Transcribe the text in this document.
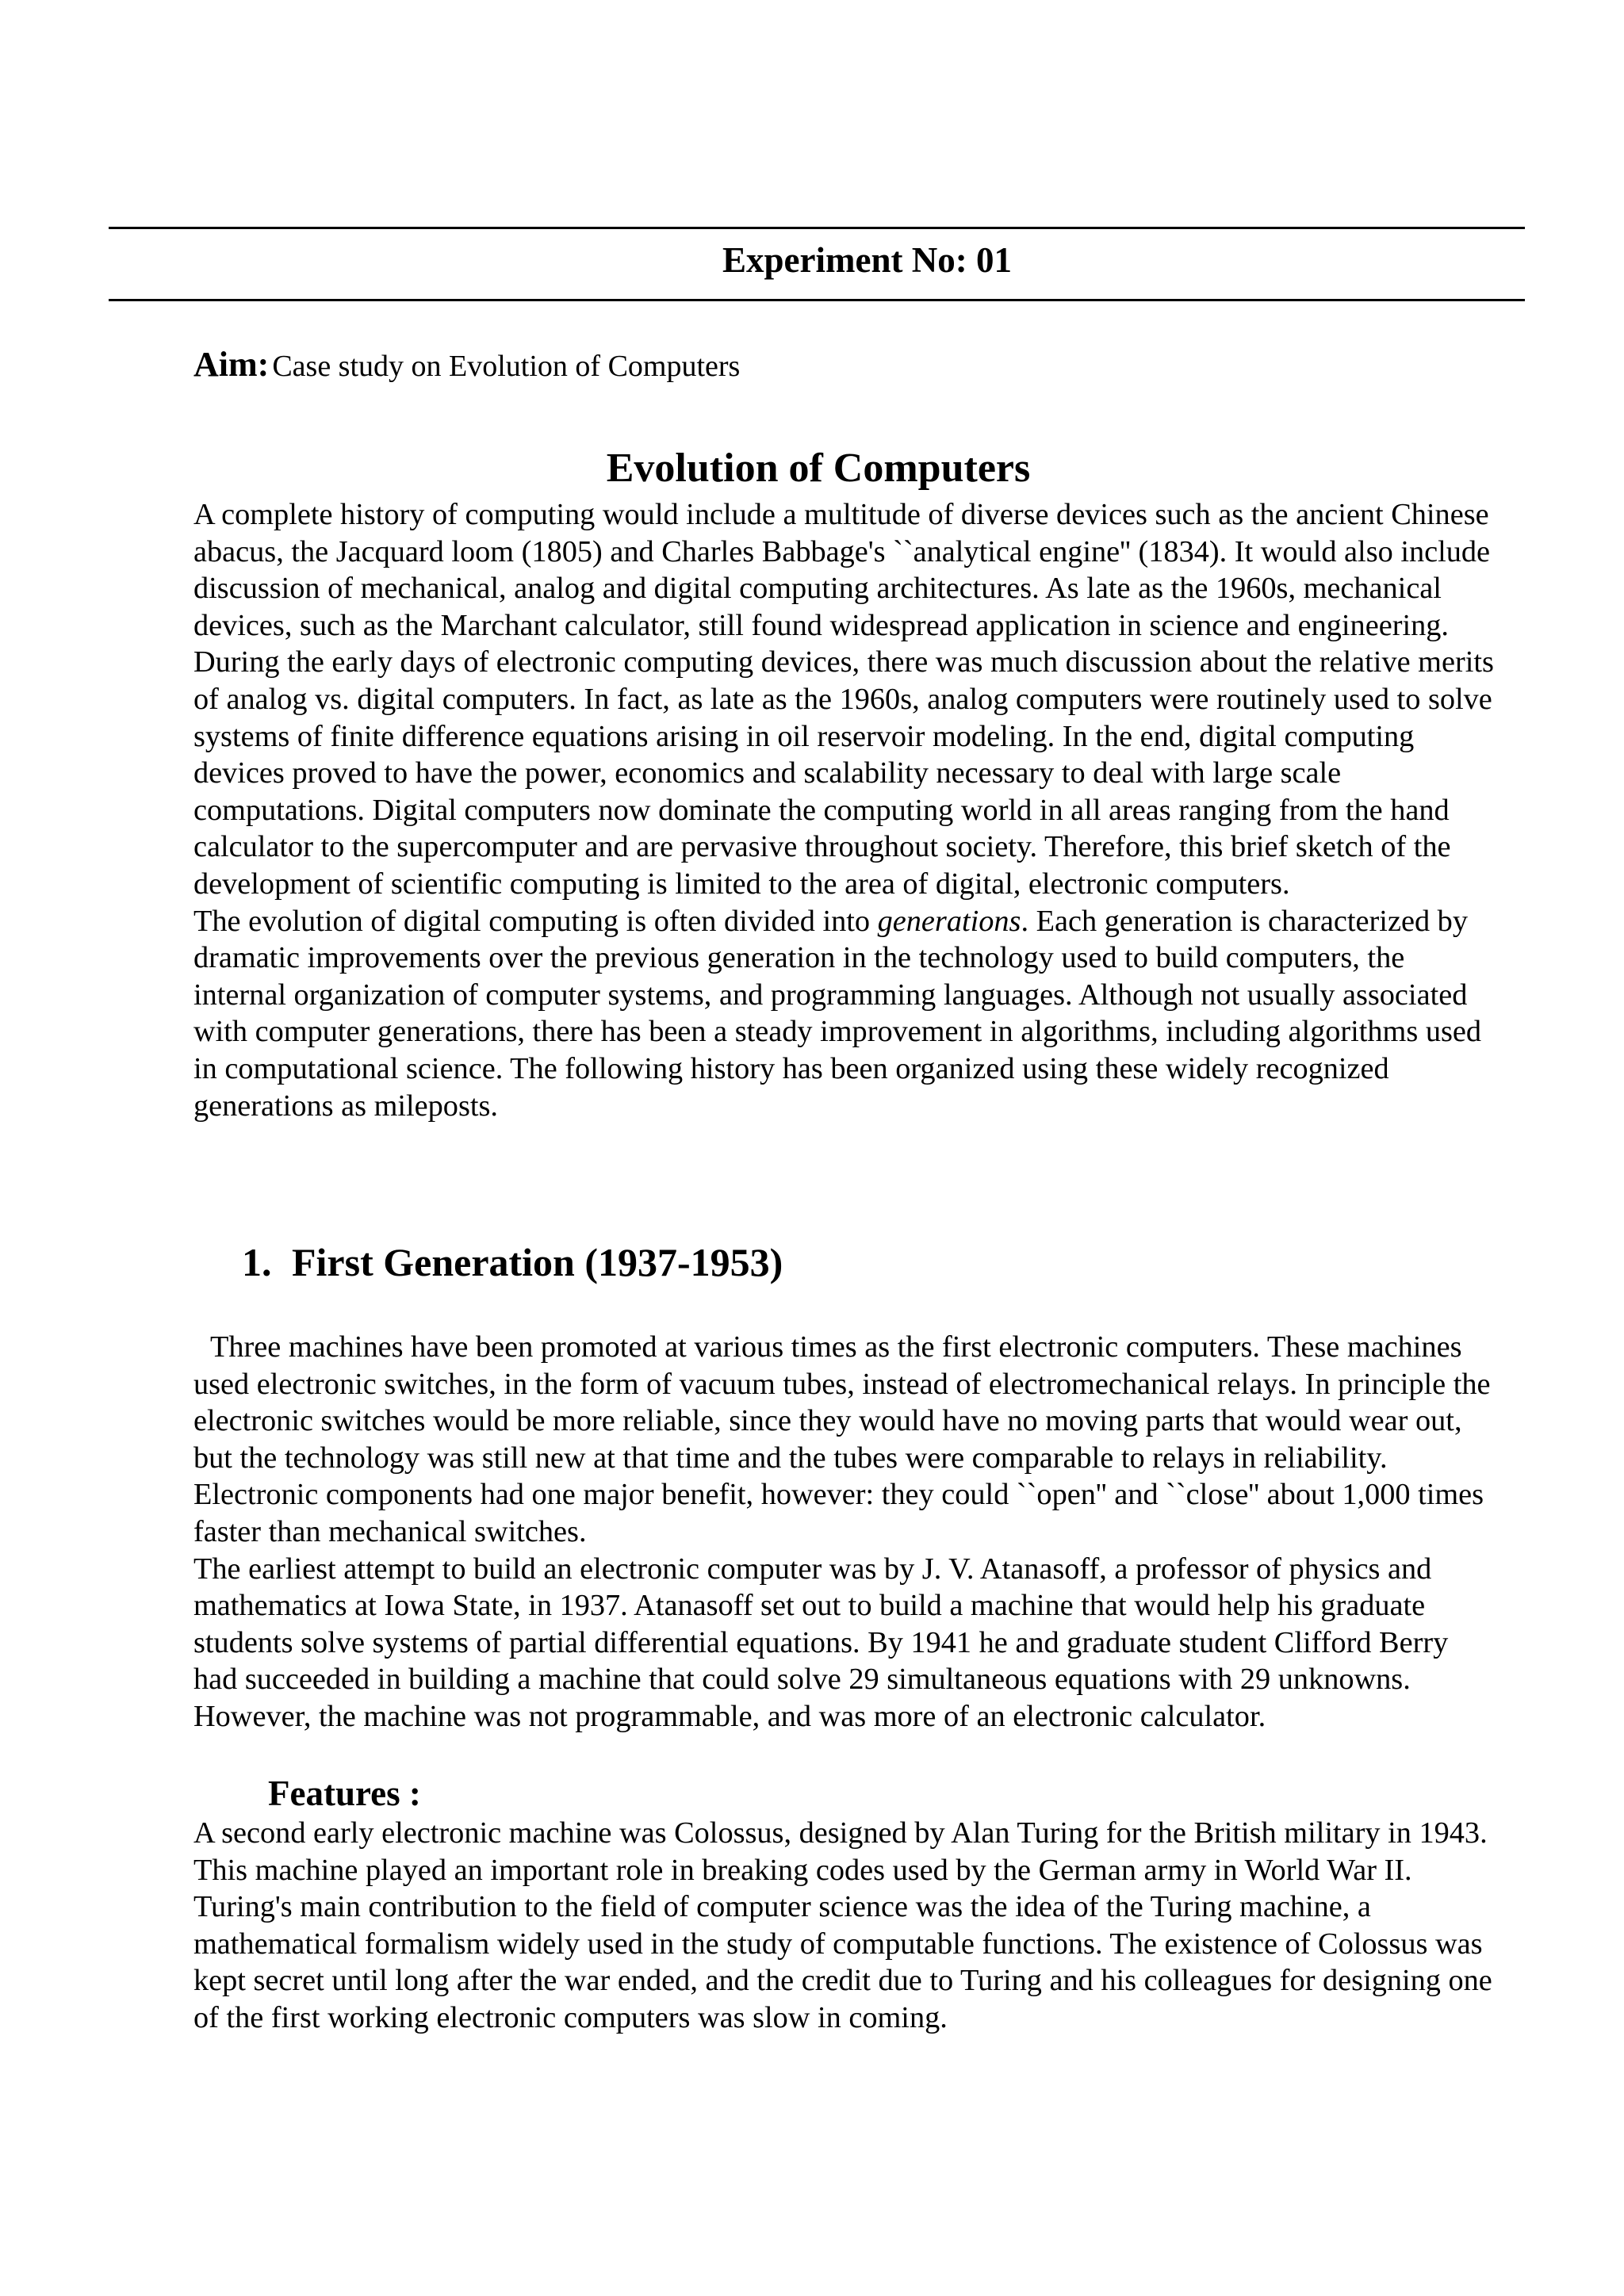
Experiment No: 01

Aim: Case study on Evolution of Computers

Evolution of Computers
A complete history of computing would include a multitude of diverse devices such as the ancient Chinese abacus, the Jacquard loom (1805) and Charles Babbage's ``analytical engine'' (1834). It would also include discussion of mechanical, analog and digital computing architectures. As late as the 1960s, mechanical devices, such as the Marchant calculator, still found widespread application in science and engineering. During the early days of electronic computing devices, there was much discussion about the relative merits of analog vs. digital computers. In fact, as late as the 1960s, analog computers were routinely used to solve systems of finite difference equations arising in oil reservoir modeling. In the end, digital computing devices proved to have the power, economics and scalability necessary to deal with large scale computations. Digital computers now dominate the computing world in all areas ranging from the hand calculator to the supercomputer and are pervasive throughout society. Therefore, this brief sketch of the development of scientific computing is limited to the area of digital, electronic computers.
The evolution of digital computing is often divided into generations. Each generation is characterized by dramatic improvements over the previous generation in the technology used to build computers, the internal organization of computer systems, and programming languages. Although not usually associated with computer generations, there has been a steady improvement in algorithms, including algorithms used in computational science. The following history has been organized using these widely recognized generations as mileposts.
1. First Generation (1937-1953)
Three machines have been promoted at various times as the first electronic computers. These machines used electronic switches, in the form of vacuum tubes, instead of electromechanical relays. In principle the electronic switches would be more reliable, since they would have no moving parts that would wear out, but the technology was still new at that time and the tubes were comparable to relays in reliability. Electronic components had one major benefit, however: they could ``open'' and ``close'' about 1,000 times faster than mechanical switches.
The earliest attempt to build an electronic computer was by J. V. Atanasoff, a professor of physics and mathematics at Iowa State, in 1937. Atanasoff set out to build a machine that would help his graduate students solve systems of partial differential equations. By 1941 he and graduate student Clifford Berry had succeeded in building a machine that could solve 29 simultaneous equations with 29 unknowns. However, the machine was not programmable, and was more of an electronic calculator.
Features :
A second early electronic machine was Colossus, designed by Alan Turing for the British military in 1943. This machine played an important role in breaking codes used by the German army in World War II. Turing's main contribution to the field of computer science was the idea of the Turing machine, a mathematical formalism widely used in the study of computable functions. The existence of Colossus was kept secret until long after the war ended, and the credit due to Turing and his colleagues for designing one of the first working electronic computers was slow in coming.
